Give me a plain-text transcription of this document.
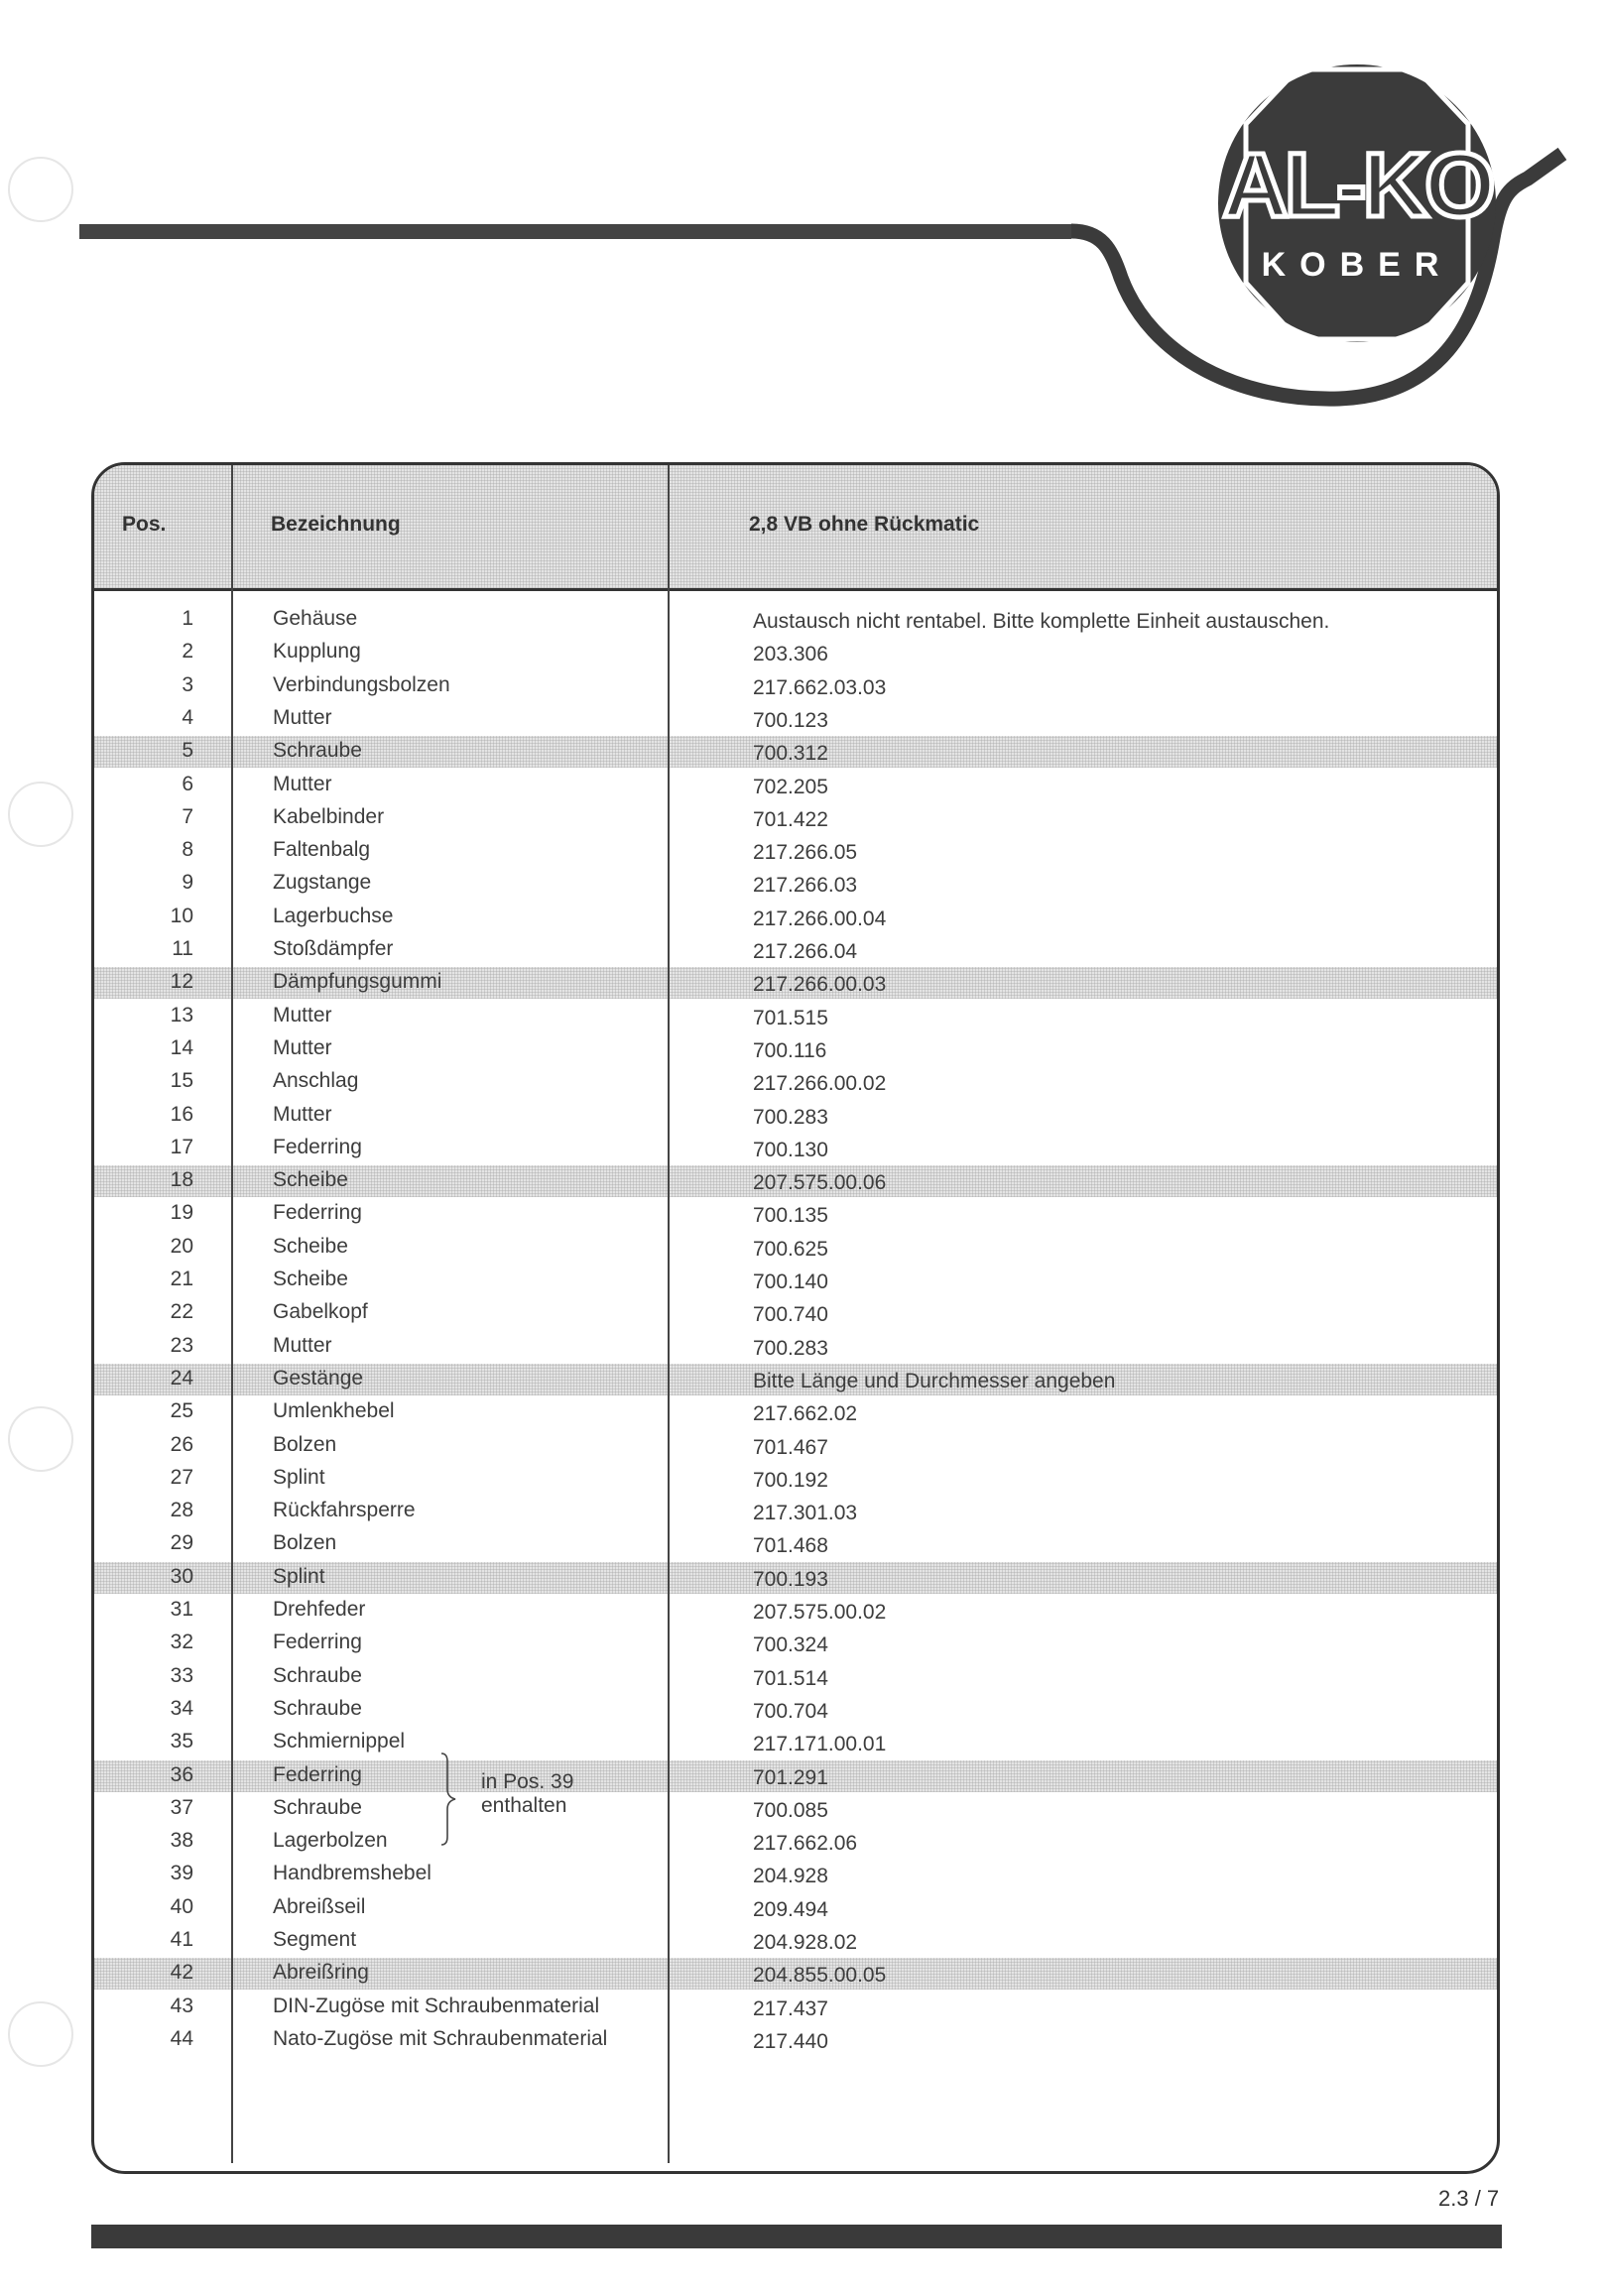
AL-KO
KOBER
Pos.	Bezeichnung	2,8 VB ohne Rückmatic
1	Gehäuse	Austausch nicht rentabel. Bitte komplette Einheit austauschen.
2	Kupplung	203.306
3	Verbindungsbolzen	217.662.03.03
4	Mutter	700.123
5	Schraube	700.312
6	Mutter	702.205
7	Kabelbinder	701.422
8	Faltenbalg	217.266.05
9	Zugstange	217.266.03
10	Lagerbuchse	217.266.00.04
11	Stoßdämpfer	217.266.04
12	Dämpfungsgummi	217.266.00.03
13	Mutter	701.515
14	Mutter	700.116
15	Anschlag	217.266.00.02
16	Mutter	700.283
17	Federring	700.130
18	Scheibe	207.575.00.06
19	Federring	700.135
20	Scheibe	700.625
21	Scheibe	700.140
22	Gabelkopf	700.740
23	Mutter	700.283
24	Gestänge	Bitte Länge und Durchmesser angeben
25	Umlenkhebel	217.662.02
26	Bolzen	701.467
27	Splint	700.192
28	Rückfahrsperre	217.301.03
29	Bolzen	701.468
30	Splint	700.193
31	Drehfeder	207.575.00.02
32	Federring	700.324
33	Schraube	701.514
34	Schraube	700.704
35	Schmiernippel	217.171.00.01
36	Federring	701.291
37	Schraube	700.085
38	Lagerbolzen	217.662.06
39	Handbremshebel	204.928
40	Abreißseil	209.494
41	Segment	204.928.02
42	Abreißring	204.855.00.05
43	DIN-Zugöse mit Schraubenmaterial	217.437
44	Nato-Zugöse mit Schraubenmaterial	217.440
in Pos. 39
enthalten
2.3 / 7
